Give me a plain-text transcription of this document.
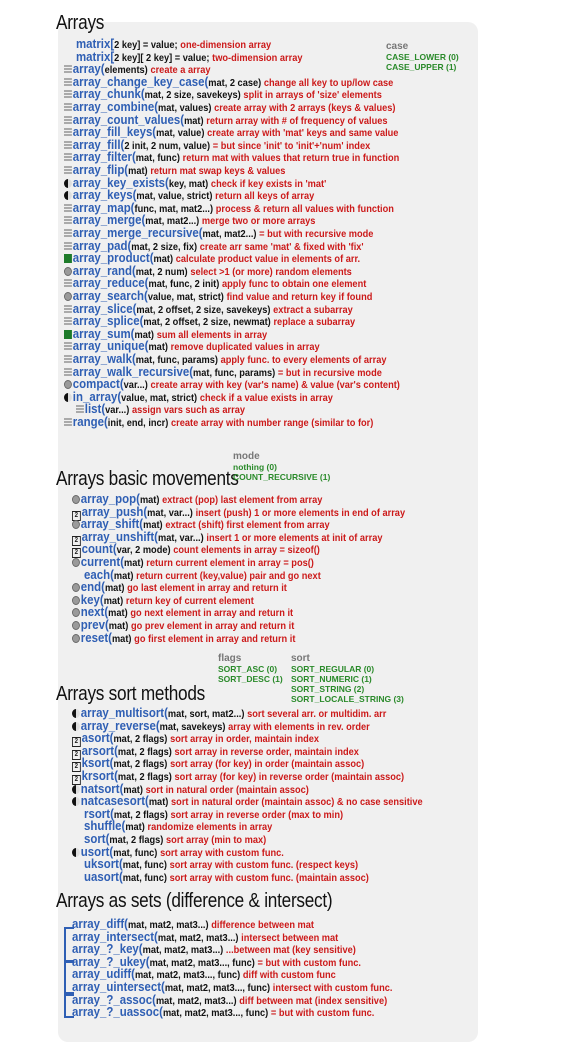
Arrays
Arrays basic movements
Arrays sort methods
Arrays as sets (difference & intersect)
case
CASE_LOWER (0)
CASE_UPPER (1)
mode
nothing (0)
COUNT_RECURSIVE (1)
flags
SORT_ASC (0)
SORT_DESC (1)
sort
SORT_REGULAR (0)
SORT_NUMERIC (1)
SORT_STRING (2)
SORT_LOCALE_STRING (3)
matrix[2 key] = value; one-dimension array
matrix[2 key][ 2 key] = value; two-dimension array
array(elements) create a array
array_change_key_case(mat, 2 case) change all key to up/low case
array_chunk(mat, 2 size, savekeys) split in arrays of 'size' elements
array_combine(mat, values) create array with 2 arrays (keys & values)
array_count_values(mat) return array with # of frequency of values
array_fill_keys(mat, value) create array with 'mat' keys and same value
array_fill(2 init, 2 num, value) = but since 'init' to 'init'+'num' index
array_filter(mat, func) return mat with values that return true in function
array_flip(mat) return mat swap keys & values
array_key_exists(key, mat) check if key exists in 'mat'
array_keys(mat, value, strict) return all keys of array
array_map(func, mat, mat2...) process & return all values with function
array_merge(mat, mat2...) merge two or more arrays
array_merge_recursive(mat, mat2...) = but with recursive mode
array_pad(mat, 2 size, fix) create arr same 'mat' & fixed with 'fix'
array_product(mat) calculate product value in elements of arr.
array_rand(mat, 2 num) select >1 (or more) random elements
array_reduce(mat, func, 2 init) apply func to obtain one element
array_search(value, mat, strict) find value and return key if found
array_slice(mat, 2 offset, 2 size, savekeys) extract a subarray
array_splice(mat, 2 offset, 2 size, newmat) replace a subarray
array_sum(mat) sum all elements in array
array_unique(mat) remove duplicated values in array
array_walk(mat, func, params) apply func. to every elements of array
array_walk_recursive(mat, func, params) = but in recursive mode
compact(var...) create array with key (var's name) & value (var's content)
in_array(value, mat, strict) check if a value exists in array
list(var...) assign vars such as array
range(init, end, incr) create array with number range (similar to for)
array_pop(mat) extract (pop) last element from array
2 array_push(mat, var...) insert (push) 1 or more elements in end of array
array_shift(mat) extract (shift) first element from array
2 array_unshift(mat, var...) insert 1 or more elements at init of array
2 count(var, 2 mode) count elements in array = sizeof()
current(mat) return current element in array = pos()
each(mat) return current (key,value) pair and go next
end(mat) go last element in array and return it
key(mat) return key of current element
next(mat) go next element in array and return it
prev(mat) go prev element in array and return it
reset(mat) go first element in array and return it
array_multisort(mat, sort, mat2...) sort several arr. or multidim. arr
array_reverse(mat, savekeys) array with elements in rev. order
2 asort(mat, 2 flags) sort array in order, maintain index
2 arsort(mat, 2 flags) sort array in reverse order, maintain index
2 ksort(mat, 2 flags) sort array (for key) in order (maintain assoc)
2 krsort(mat, 2 flags) sort array (for key) in reverse order (maintain assoc)
natsort(mat) sort in natural order (maintain assoc)
natcasesort(mat) sort in natural order (maintain assoc) & no case sensitive
rsort(mat, 2 flags) sort array in reverse order (max to min)
shuffle(mat) randomize elements in array
sort(mat, 2 flags) sort array (min to max)
usort(mat, func) sort array with custom func.
uksort(mat, func) sort array with custom func. (respect keys)
uasort(mat, func) sort array with custom func. (maintain assoc)
array_diff(mat, mat2, mat3...) difference between mat
array_intersect(mat, mat2, mat3...) intersect between mat
array_?_key(mat, mat2, mat3...) ...between mat (key sensitive)
array_?_ukey(mat, mat2, mat3..., func) = but with custom func.
array_udiff(mat, mat2, mat3..., func) diff with custom func
array_uintersect(mat, mat2, mat3..., func) intersect with custom func.
array_?_assoc(mat, mat2, mat3...) diff between mat (index sensitive)
array_?_uassoc(mat, mat2, mat3..., func) = but with custom func.
